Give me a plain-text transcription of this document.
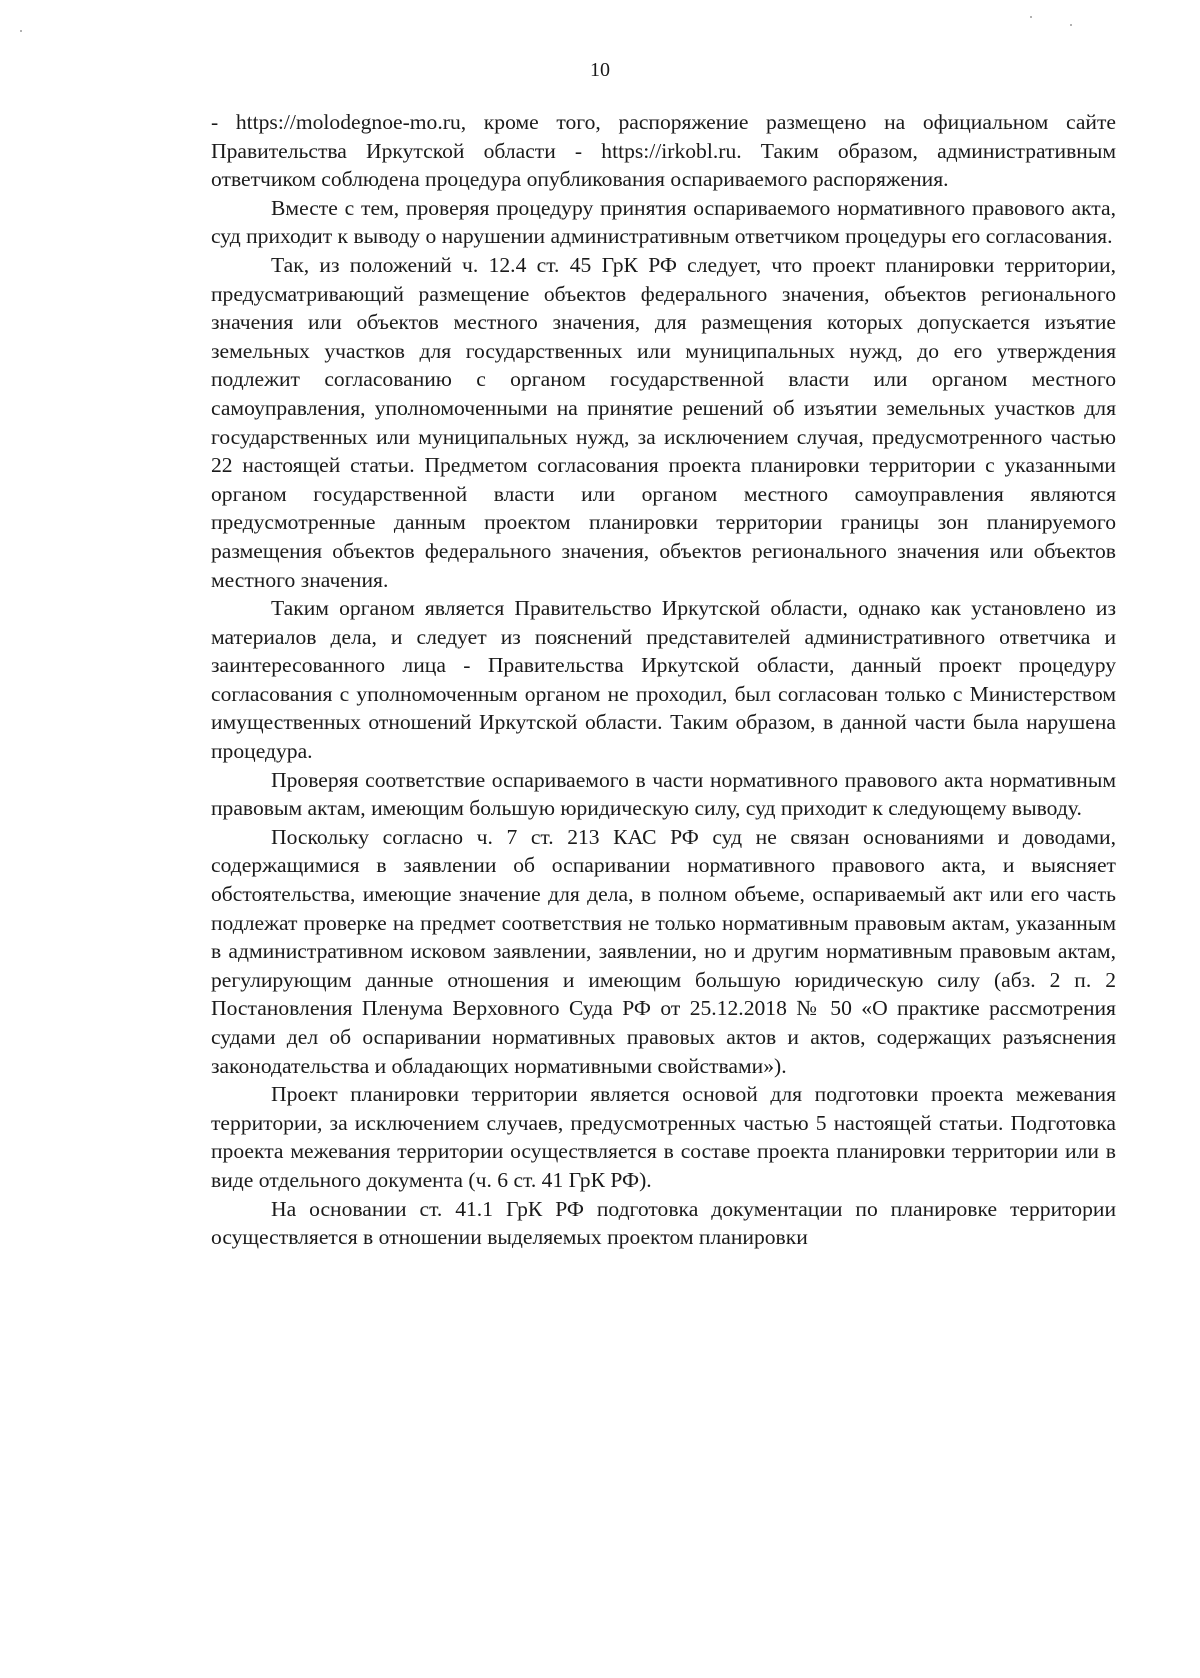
10

- https://molodegnoe-mo.ru, кроме того, распоряжение размещено на официальном сайте Правительства Иркутской области - https://irkobl.ru. Таким образом, административным ответчиком соблюдена процедура опубликования оспариваемого распоряжения.

Вместе с тем, проверяя процедуру принятия оспариваемого нормативного правового акта, суд приходит к выводу о нарушении административным ответчиком процедуры его согласования.

Так, из положений ч. 12.4 ст. 45 ГрК РФ следует, что проект планировки территории, предусматривающий размещение объектов федерального значения, объектов регионального значения или объектов местного значения, для размещения которых допускается изъятие земельных участков для государственных или муниципальных нужд, до его утверждения подлежит согласованию с органом государственной власти или органом местного самоуправления, уполномоченными на принятие решений об изъятии земельных участков для государственных или муниципальных нужд, за исключением случая, предусмотренного частью 22 настоящей статьи. Предметом согласования проекта планировки территории с указанными органом государственной власти или органом местного самоуправления являются предусмотренные данным проектом планировки территории границы зон планируемого размещения объектов федерального значения, объектов регионального значения или объектов местного значения.

Таким органом является Правительство Иркутской области, однако как установлено из материалов дела, и следует из пояснений представителей административного ответчика и заинтересованного лица - Правительства Иркутской области, данный проект процедуру согласования с уполномоченным органом не проходил, был согласован только с Министерством имущественных отношений Иркутской области. Таким образом, в данной части была нарушена процедура.

Проверяя соответствие оспариваемого в части нормативного правового акта нормативным правовым актам, имеющим большую юридическую силу, суд приходит к следующему выводу.

Поскольку согласно ч. 7 ст. 213 КАС РФ суд не связан основаниями и доводами, содержащимися в заявлении об оспаривании нормативного правового акта, и выясняет обстоятельства, имеющие значение для дела, в полном объеме, оспариваемый акт или его часть подлежат проверке на предмет соответствия не только нормативным правовым актам, указанным в административном исковом заявлении, заявлении, но и другим нормативным правовым актам, регулирующим данные отношения и имеющим большую юридическую силу (абз. 2 п. 2 Постановления Пленума Верховного Суда РФ от 25.12.2018 № 50 «О практике рассмотрения судами дел об оспаривании нормативных правовых актов и актов, содержащих разъяснения законодательства и обладающих нормативными свойствами»).

Проект планировки территории является основой для подготовки проекта межевания территории, за исключением случаев, предусмотренных частью 5 настоящей статьи. Подготовка проекта межевания территории осуществляется в составе проекта планировки территории или в виде отдельного документа (ч. 6 ст. 41 ГрК РФ).

На основании ст. 41.1 ГрК РФ подготовка документации по планировке территории осуществляется в отношении выделяемых проектом планировки
